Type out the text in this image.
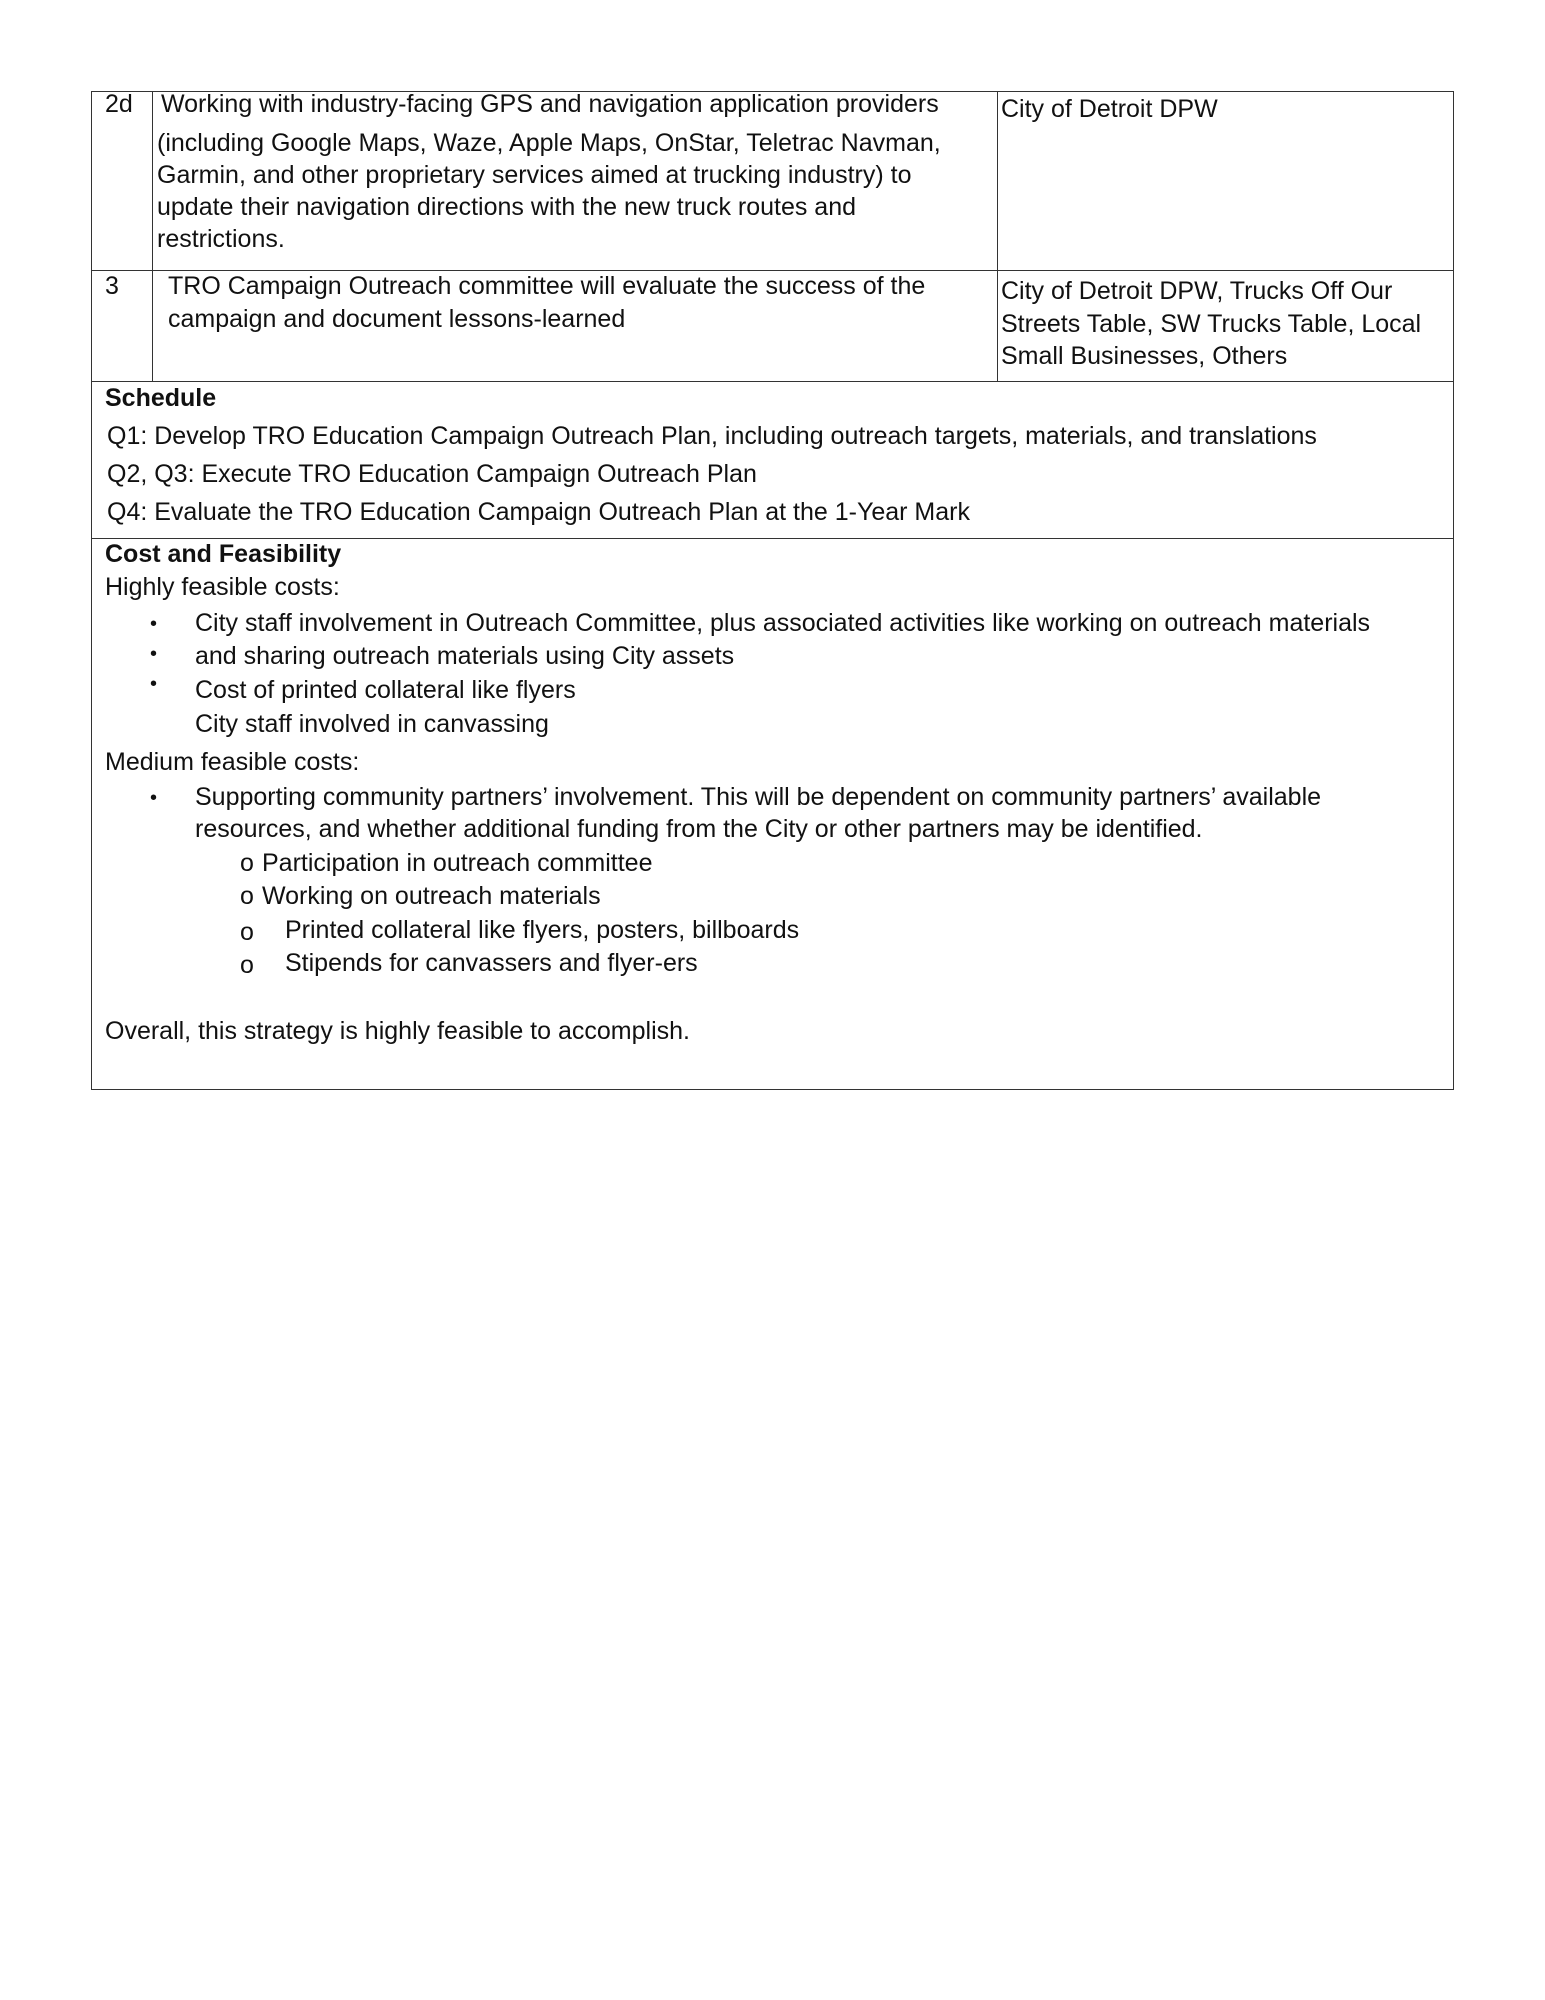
2d Working with industry-facing GPS and navigation application providers
(including Google Maps, Waze, Apple Maps, OnStar, Teletrac Navman,
Garmin, and other proprietary services aimed at trucking industry) to
update their navigation directions with the new truck routes and
restrictions.
City of Detroit DPW
3 TRO Campaign Outreach committee will evaluate the success of the
campaign and document lessons-learned
City of Detroit DPW, Trucks Off Our
Streets Table, SW Trucks Table, Local
Small Businesses, Others
Schedule
Q1: Develop TRO Education Campaign Outreach Plan, including outreach targets, materials, and translations
Q2, Q3: Execute TRO Education Campaign Outreach Plan
Q4: Evaluate the TRO Education Campaign Outreach Plan at the 1-Year Mark
Cost and Feasibility
Highly feasible costs:
•
•
•
City staff involvement in Outreach Committee, plus associated activities like working on outreach materials
and sharing outreach materials using City assets
Cost of printed collateral like flyers
City staff involved in canvassing
Medium feasible costs:
• Supporting community partners’ involvement. This will be dependent on community partners’ available
resources, and whether additional funding from the City or other partners may be identified.
o Participation in outreach committee
o Working on outreach materials
o Printed collateral like flyers, posters, billboards
o Stipends for canvassers and flyer-ers
Overall, this strategy is highly feasible to accomplish.
